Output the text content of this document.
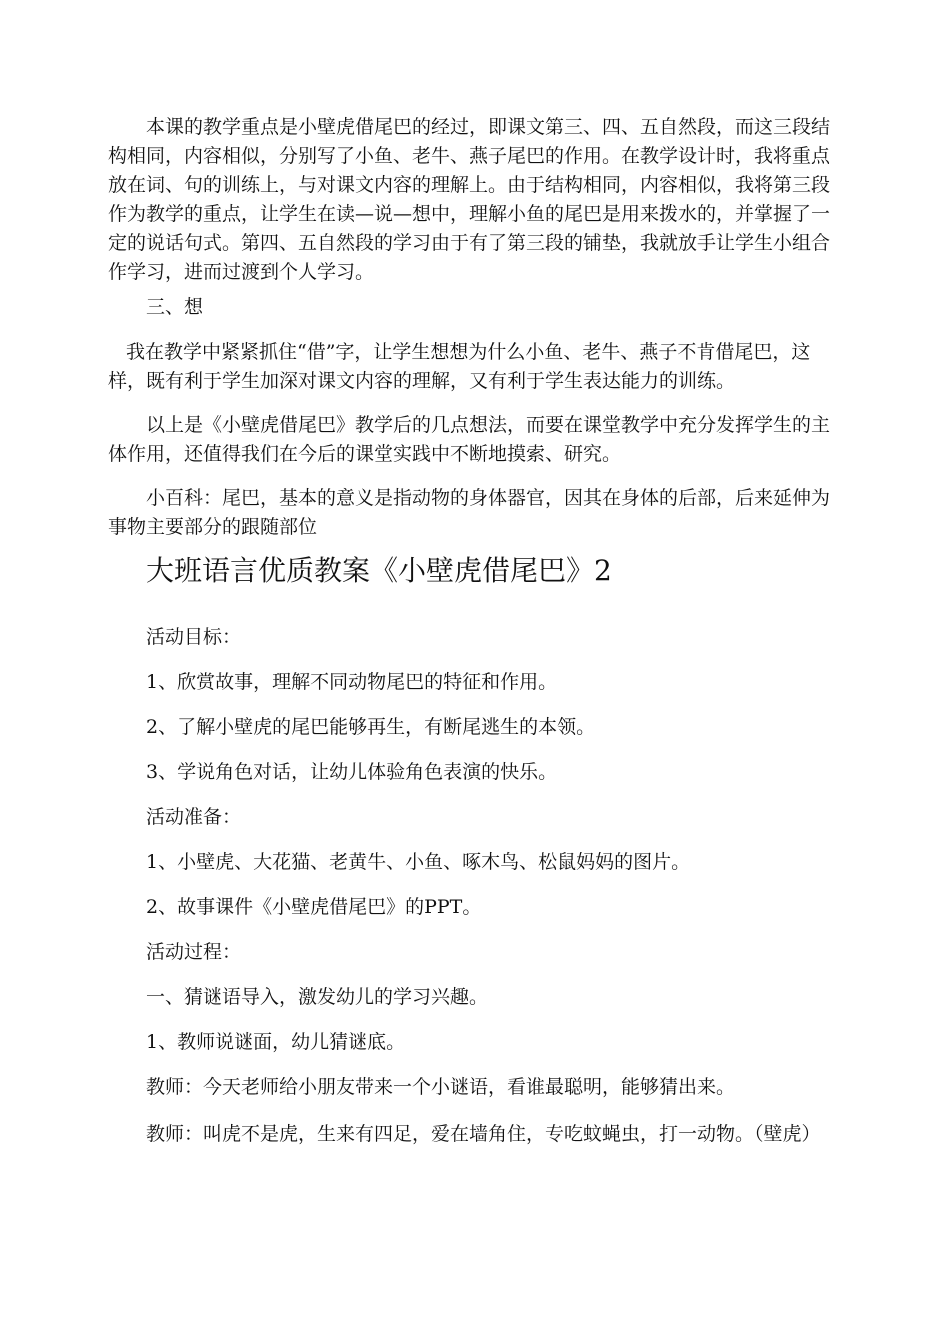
本课的教学重点是小壁虎借尾巴的经过，即课文第三、四、五自然段，而这三段结构相同，内容相似，分别写了小鱼、老牛、燕子尾巴的作用。在教学设计时，我将重点放在词、句的训练上，与对课文内容的理解上。由于结构相同，内容相似，我将第三段作为教学的重点，让学生在读—说—想中，理解小鱼的尾巴是用来拨水的，并掌握了一定的说话句式。第四、五自然段的学习由于有了第三段的铺垫，我就放手让学生小组合作学习，进而过渡到个人学习。

三、想

我在教学中紧紧抓住“借”字，让学生想想为什么小鱼、老牛、燕子不肯借尾巴，这样，既有利于学生加深对课文内容的理解，又有利于学生表达能力的训练。

以上是《小壁虎借尾巴》教学后的几点想法，而要在课堂教学中充分发挥学生的主体作用，还值得我们在今后的课堂实践中不断地摸索、研究。

小百科：尾巴，基本的意义是指动物的身体器官，因其在身体的后部，后来延伸为事物主要部分的跟随部位

大班语言优质教案《小壁虎借尾巴》2

活动目标：

1、欣赏故事，理解不同动物尾巴的特征和作用。

2、了解小壁虎的尾巴能够再生，有断尾逃生的本领。

3、学说角色对话，让幼儿体验角色表演的快乐。

活动准备：

1、小壁虎、大花猫、老黄牛、小鱼、啄木鸟、松鼠妈妈的图片。

2、故事课件《小壁虎借尾巴》的PPT。

活动过程：

一、猜谜语导入，激发幼儿的学习兴趣。

1、教师说谜面，幼儿猜谜底。

教师：今天老师给小朋友带来一个小谜语，看谁最聪明，能够猜出来。

教师：叫虎不是虎，生来有四足，爱在墙角住，专吃蚊蝇虫，打一动物。（壁虎）
